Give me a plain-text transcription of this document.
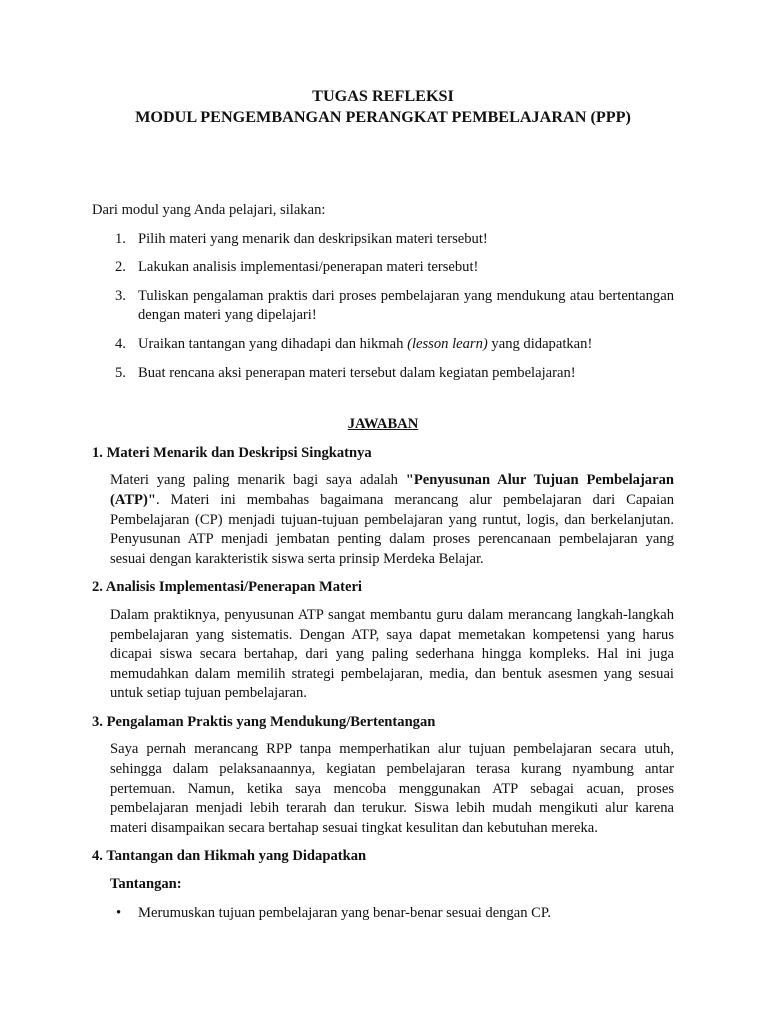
TUGAS REFLEKSI

MODUL PENGEMBANGAN PERANGKAT PEMBELAJARAN (PPP)

Dari modul yang Anda pelajari, silakan:

1. Pilih materi yang menarik dan deskripsikan materi tersebut!
2. Lakukan analisis implementasi/penerapan materi tersebut!
3. Tuliskan pengalaman praktis dari proses pembelajaran yang mendukung atau bertentangan dengan materi yang dipelajari!
4. Uraikan tantangan yang dihadapi dan hikmah (lesson learn) yang didapatkan!
5. Buat rencana aksi penerapan materi tersebut dalam kegiatan pembelajaran!

JAWABAN

1. Materi Menarik dan Deskripsi Singkatnya

Materi yang paling menarik bagi saya adalah "Penyusunan Alur Tujuan Pembelajaran (ATP)". Materi ini membahas bagaimana merancang alur pembelajaran dari Capaian Pembelajaran (CP) menjadi tujuan-tujuan pembelajaran yang runtut, logis, dan berkelanjutan. Penyusunan ATP menjadi jembatan penting dalam proses perencanaan pembelajaran yang sesuai dengan karakteristik siswa serta prinsip Merdeka Belajar.

2. Analisis Implementasi/Penerapan Materi

Dalam praktiknya, penyusunan ATP sangat membantu guru dalam merancang langkah-langkah pembelajaran yang sistematis. Dengan ATP, saya dapat memetakan kompetensi yang harus dicapai siswa secara bertahap, dari yang paling sederhana hingga kompleks. Hal ini juga memudahkan dalam memilih strategi pembelajaran, media, dan bentuk asesmen yang sesuai untuk setiap tujuan pembelajaran.

3. Pengalaman Praktis yang Mendukung/Bertentangan

Saya pernah merancang RPP tanpa memperhatikan alur tujuan pembelajaran secara utuh, sehingga dalam pelaksanaannya, kegiatan pembelajaran terasa kurang nyambung antar pertemuan. Namun, ketika saya mencoba menggunakan ATP sebagai acuan, proses pembelajaran menjadi lebih terarah dan terukur. Siswa lebih mudah mengikuti alur karena materi disampaikan secara bertahap sesuai tingkat kesulitan dan kebutuhan mereka.

4. Tantangan dan Hikmah yang Didapatkan

Tantangan:

• Merumuskan tujuan pembelajaran yang benar-benar sesuai dengan CP.
